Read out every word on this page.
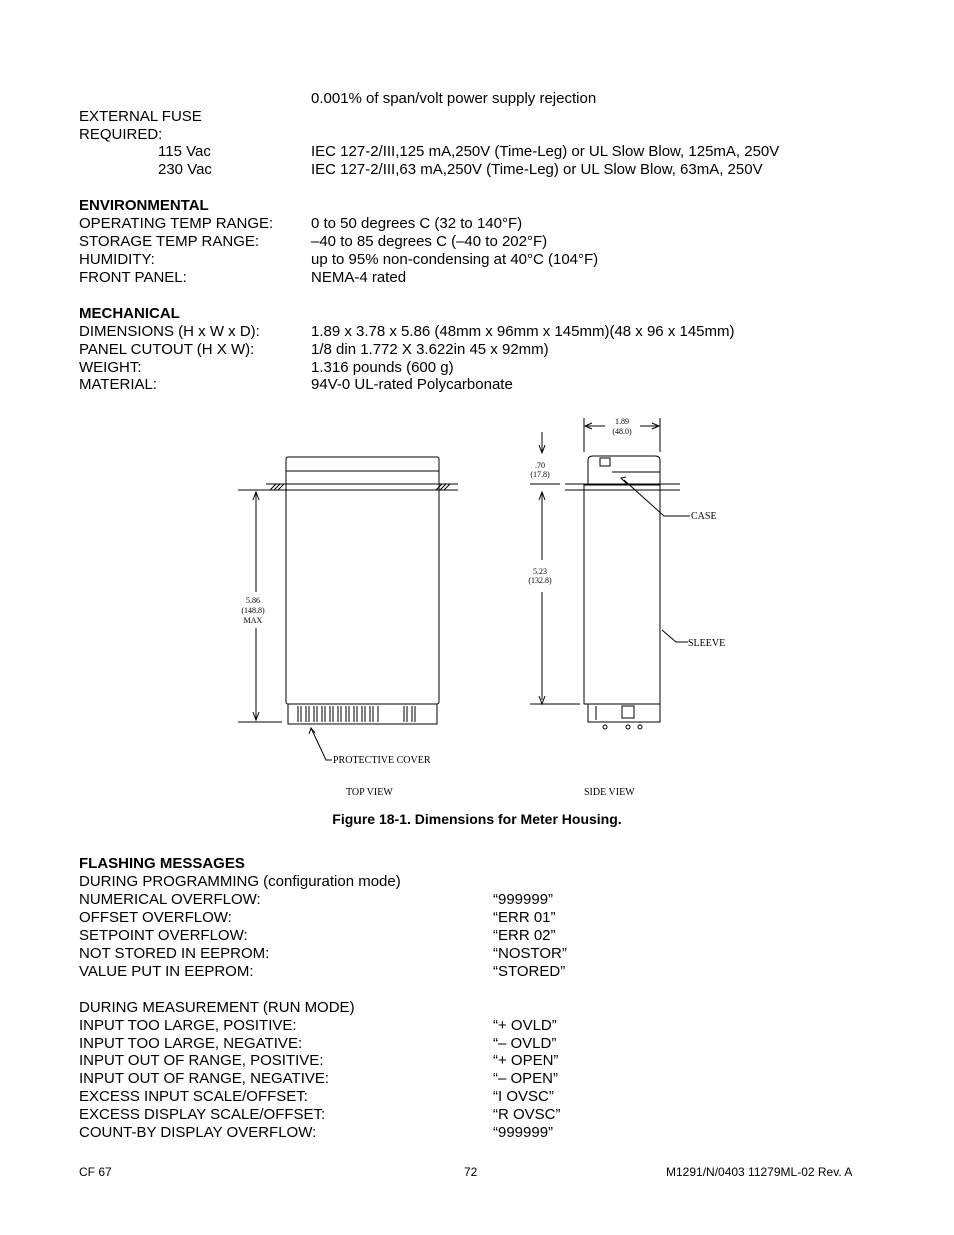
0.001% of span/volt power supply rejection
EXTERNAL FUSE
REQUIRED:
115 Vac	IEC 127-2/III,125 mA,250V (Time-Leg) or UL Slow Blow, 125mA, 250V
230 Vac	IEC 127-2/III,63 mA,250V (Time-Leg) or UL Slow Blow, 63mA, 250V
ENVIRONMENTAL
OPERATING TEMP RANGE:	0 to 50 degrees C (32 to 140°F)
STORAGE TEMP RANGE:	–40 to 85 degrees C (–40 to 202°F)
HUMIDITY:	up to 95% non-condensing at 40°C (104°F)
FRONT PANEL:	NEMA-4 rated
MECHANICAL
DIMENSIONS (H x W x D):	1.89 x 3.78 x 5.86 (48mm x 96mm x 145mm)(48 x 96 x 145mm)
PANEL CUTOUT (H X W):	1/8 din 1.772 X 3.622in 45 x 92mm)
WEIGHT:	1.316 pounds (600 g)
MATERIAL:	94V-0 UL-rated Polycarbonate
5.86
(148.8)
MAX
1.89
(48.0)
.70
(17.8)
5.23
(132.8)
CASE
SLEEVE
PROTECTIVE COVER
TOP VIEW	SIDE VIEW
Figure 18-1. Dimensions for Meter Housing.
FLASHING MESSAGES
DURING PROGRAMMING (configuration mode)
NUMERICAL OVERFLOW:	“999999”
OFFSET OVERFLOW:	“ERR 01”
SETPOINT OVERFLOW:	“ERR 02”
NOT STORED IN EEPROM:	“NOSTOR”
VALUE PUT IN EEPROM:	“STORED”
DURING MEASUREMENT (RUN MODE)
INPUT TOO LARGE, POSITIVE:	“+ OVLD”
INPUT TOO LARGE, NEGATIVE:	“– OVLD”
INPUT OUT OF RANGE, POSITIVE:	“+ OPEN”
INPUT OUT OF RANGE, NEGATIVE:	“– OPEN”
EXCESS INPUT SCALE/OFFSET:	“I OVSC”
EXCESS DISPLAY SCALE/OFFSET:	“R OVSC”
COUNT-BY DISPLAY OVERFLOW:	“999999”
CF 67	72	M1291/N/0403 11279ML-02 Rev. A
